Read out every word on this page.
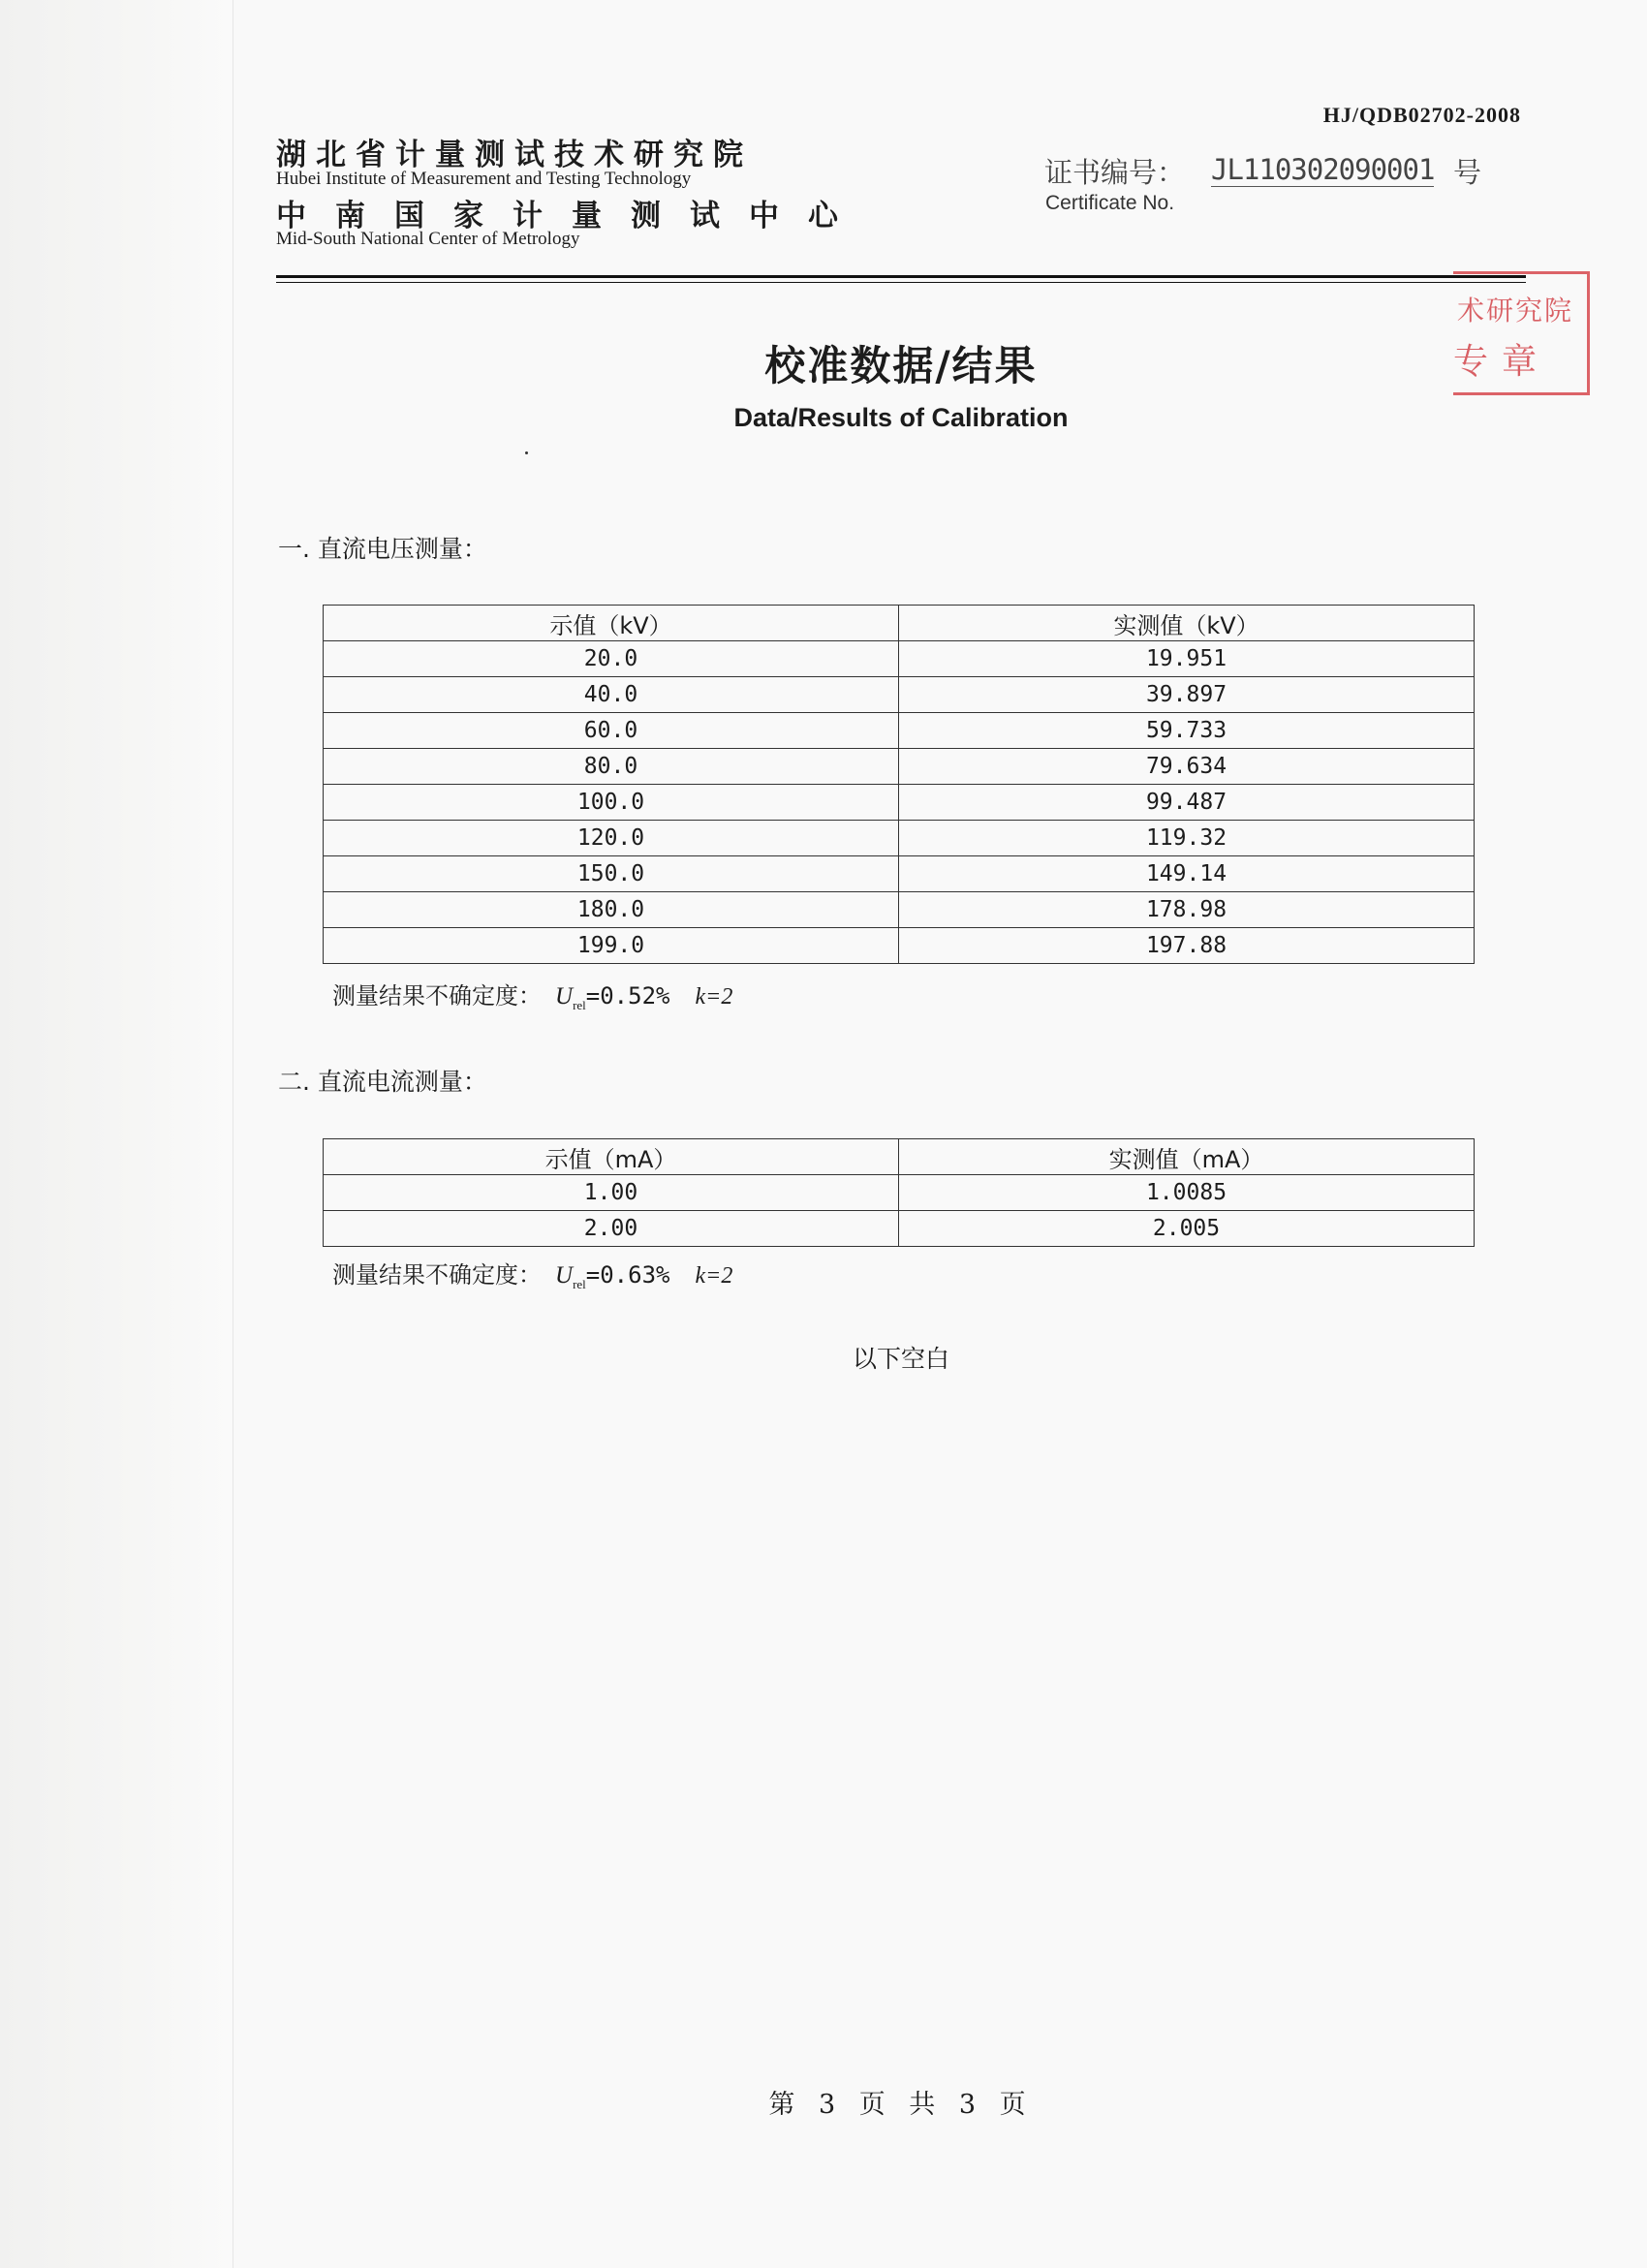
HJ/QDB02702-2008
湖北省计量测试技术研究院
Hubei Institute of Measurement and Testing Technology
中南国家计量测试中心
Mid-South National Center of Metrology
证书编号： JL110302090001 号
Certificate No.
术研究院
专章
校准数据/结果
Data/Results of Calibration
一. 直流电压测量：
示值（kV）	实测值（kV）
20.0	19.951
40.0	39.897
60.0	59.733
80.0	79.634
100.0	99.487
120.0	119.32
150.0	149.14
180.0	178.98
199.0	197.88
测量结果不确定度： $U_{rel}=0.52\%$ k=2
二. 直流电流测量：
示值（mA）	实测值（mA）
1.00	1.0085
2.00	2.005
测量结果不确定度： $U_{rel}=0.63\%$ k=2
以下空白
第 3 页 共 3 页
